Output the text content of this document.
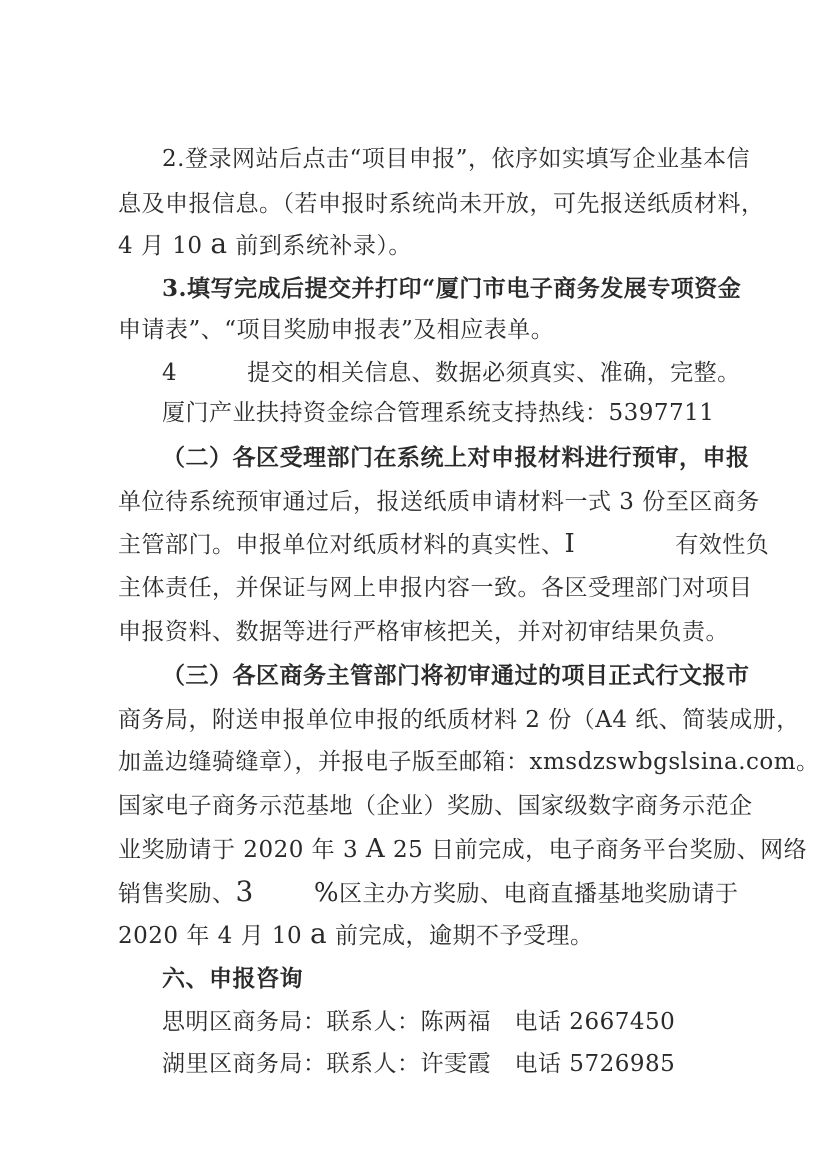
2.登录网站后点击“项目申报”，依序如实填写企业基本信
息及申报信息。（若申报时系统尚未开放，可先报送纸质材料，
4 月 10 a 前到系统补录）。
3.填写完成后提交并打印“厦门市电子商务发展专项资金
申请表”、“项目奖励申报表”及相应表单。
4	提交的相关信息、数据必须真实、准确，完整。
厦门产业扶持资金综合管理系统支持热线：5397711
（二）各区受理部门在系统上对申报材料进行预审，申报
单位待系统预审通过后，报送纸质申请材料一式 3 份至区商务
主管部门。申报单位对纸质材料的真实性、I	有效性负
主体责任，并保证与网上申报内容一致。各区受理部门对项目
申报资料、数据等进行严格审核把关，并对初审结果负责。
（三）各区商务主管部门将初审通过的项目正式行文报市
商务局，附送申报单位申报的纸质材料 2 份（A4 纸、简装成册，
加盖边缝骑缝章），并报电子版至邮箱：xmsdzswbgslsina.com。
国家电子商务示范基地（企业）奖励、国家级数字商务示范企
业奖励请于 2020 年 3 A 25 日前完成，电子商务平台奖励、网络
销售奖励、3 %区主办方奖励、电商直播基地奖励请于
2020 年 4 月 10 a 前完成，逾期不予受理。
六、申报咨询
思明区商务局：联系人：陈两福　电话 2667450
湖里区商务局：联系人：许雯霞　电话 5726985
